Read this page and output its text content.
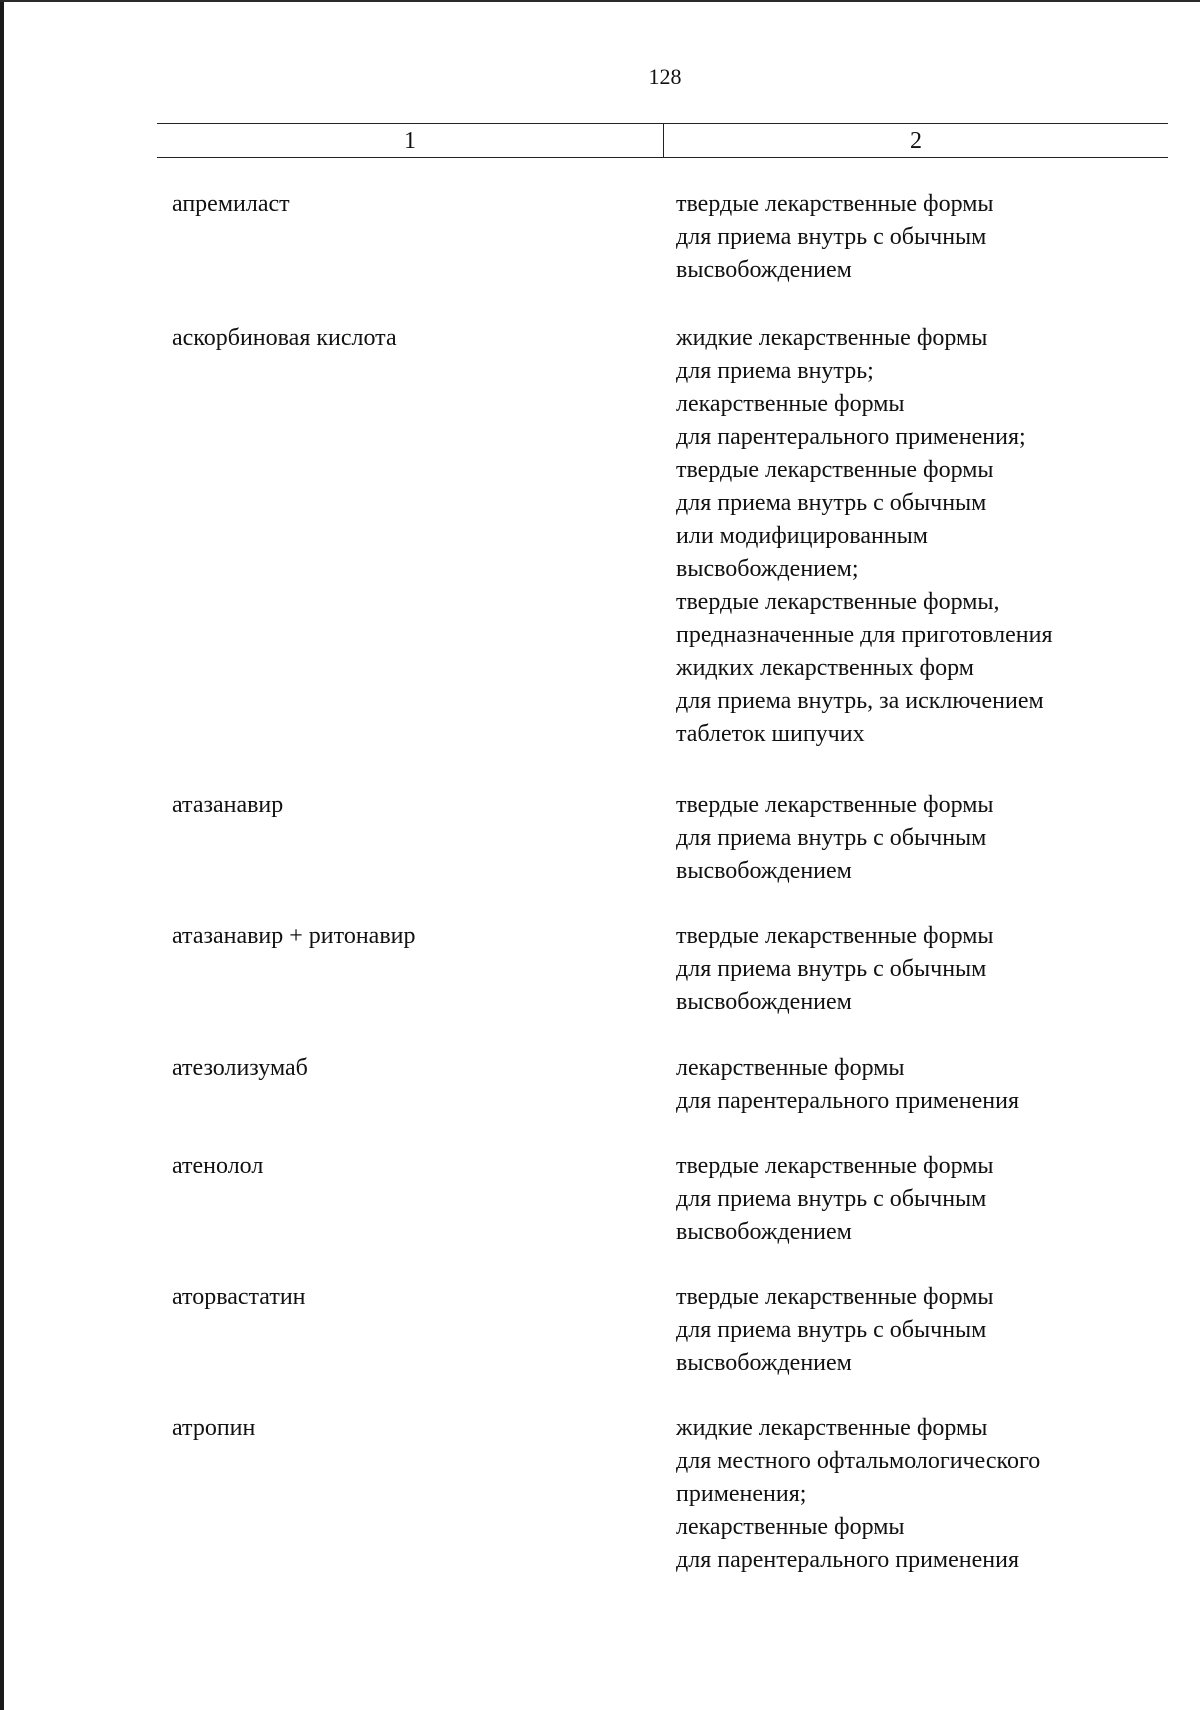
128
1	2
апремиласт	твердые лекарственные формы
для приема внутрь с обычным
высвобождением
аскорбиновая кислота	жидкие лекарственные формы
для приема внутрь;
лекарственные формы
для парентерального применения;
твердые лекарственные формы
для приема внутрь с обычным
или модифицированным
высвобождением;
твердые лекарственные формы,
предназначенные для приготовления
жидких лекарственных форм
для приема внутрь, за исключением
таблеток шипучих
атазанавир	твердые лекарственные формы
для приема внутрь с обычным
высвобождением
атазанавир + ритонавир	твердые лекарственные формы
для приема внутрь с обычным
высвобождением
атезолизумаб	лекарственные формы
для парентерального применения
атенолол	твердые лекарственные формы
для приема внутрь с обычным
высвобождением
аторвастатин	твердые лекарственные формы
для приема внутрь с обычным
высвобождением
атропин	жидкие лекарственные формы
для местного офтальмологического
применения;
лекарственные формы
для парентерального применения
